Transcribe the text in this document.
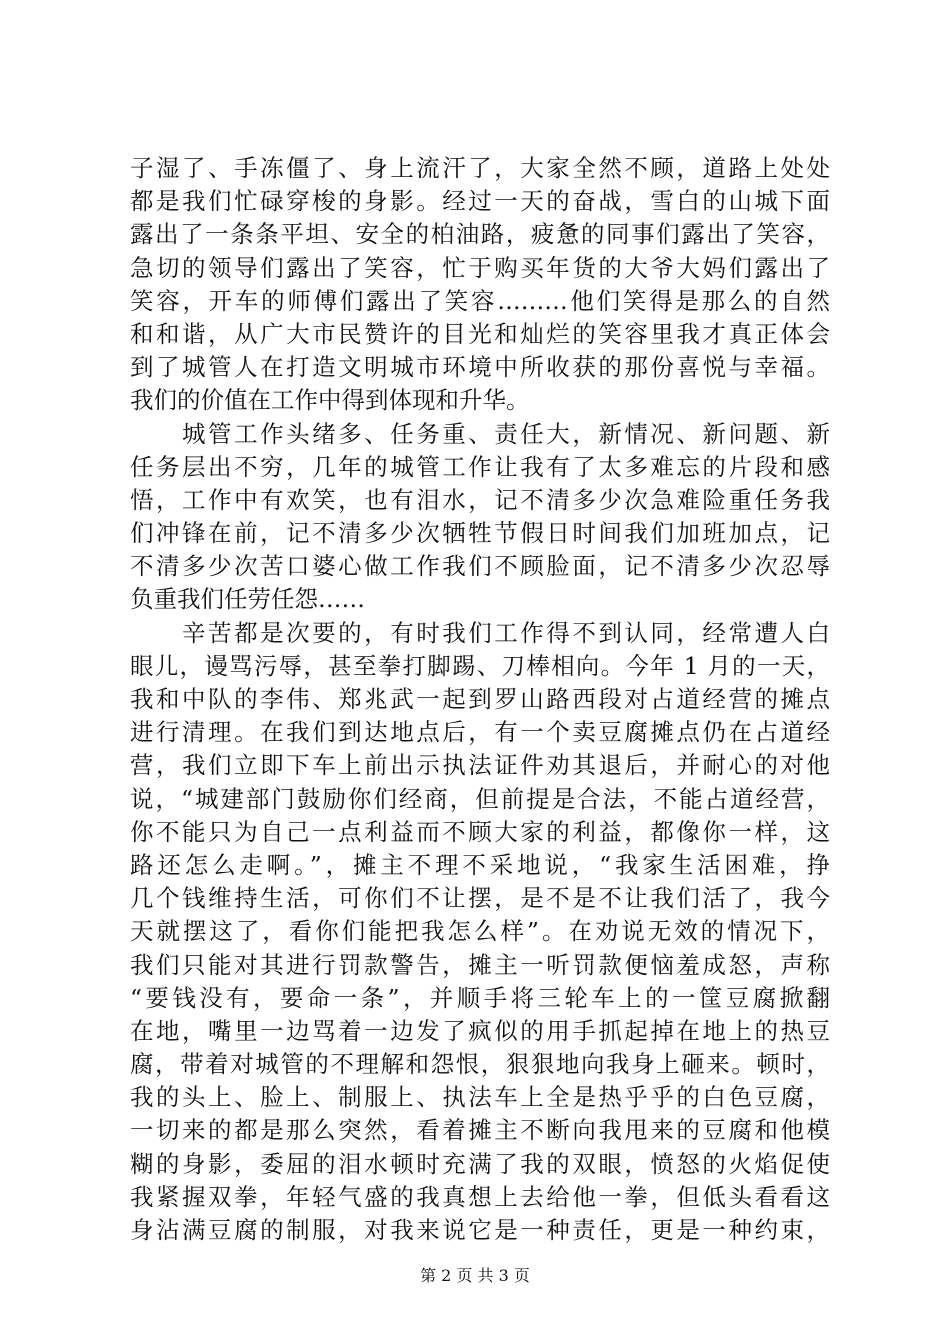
子湿了、手冻僵了、身上流汗了，大家全然不顾，道路上处处
都是我们忙碌穿梭的身影。经过一天的奋战，雪白的山城下面
露出了一条条平坦、安全的柏油路，疲惫的同事们露出了笑容，
急切的领导们露出了笑容，忙于购买年货的大爷大妈们露出了
笑容，开车的师傅们露出了笑容………他们笑得是那么的自然
和和谐，从广大市民赞许的目光和灿烂的笑容里我才真正体会
到了城管人在打造文明城市环境中所收获的那份喜悦与幸福。
我们的价值在工作中得到体现和升华。
　　城管工作头绪多、任务重、责任大，新情况、新问题、新
任务层出不穷，几年的城管工作让我有了太多难忘的片段和感
悟，工作中有欢笑，也有泪水，记不清多少次急难险重任务我
们冲锋在前，记不清多少次牺牲节假日时间我们加班加点，记
不清多少次苦口婆心做工作我们不顾脸面，记不清多少次忍辱
负重我们任劳任怨……
　　辛苦都是次要的，有时我们工作得不到认同，经常遭人白
眼儿，谩骂污辱，甚至拳打脚踢、刀棒相向。今年 1 月的一天，
我和中队的李伟、郑兆武一起到罗山路西段对占道经营的摊点
进行清理。在我们到达地点后，有一个卖豆腐摊点仍在占道经
营，我们立即下车上前出示执法证件劝其退后，并耐心的对他
说，“城建部门鼓励你们经商，但前提是合法，不能占道经营，
你不能只为自己一点利益而不顾大家的利益，都像你一样，这
路还怎么走啊。”，摊主不理不采地说，“我家生活困难，挣
几个钱维持生活，可你们不让摆，是不是不让我们活了，我今
天就摆这了，看你们能把我怎么样”。在劝说无效的情况下，
我们只能对其进行罚款警告，摊主一听罚款便恼羞成怒，声称
“要钱没有，要命一条”，并顺手将三轮车上的一筐豆腐掀翻
在地，嘴里一边骂着一边发了疯似的用手抓起掉在地上的热豆
腐，带着对城管的不理解和怨恨，狠狠地向我身上砸来。顿时，
我的头上、脸上、制服上、执法车上全是热乎乎的白色豆腐，
一切来的都是那么突然，看着摊主不断向我甩来的豆腐和他模
糊的身影，委屈的泪水顿时充满了我的双眼，愤怒的火焰促使
我紧握双拳，年轻气盛的我真想上去给他一拳，但低头看看这
身沾满豆腐的制服，对我来说它是一种责任，更是一种约束，
第 2 页 共 3 页
